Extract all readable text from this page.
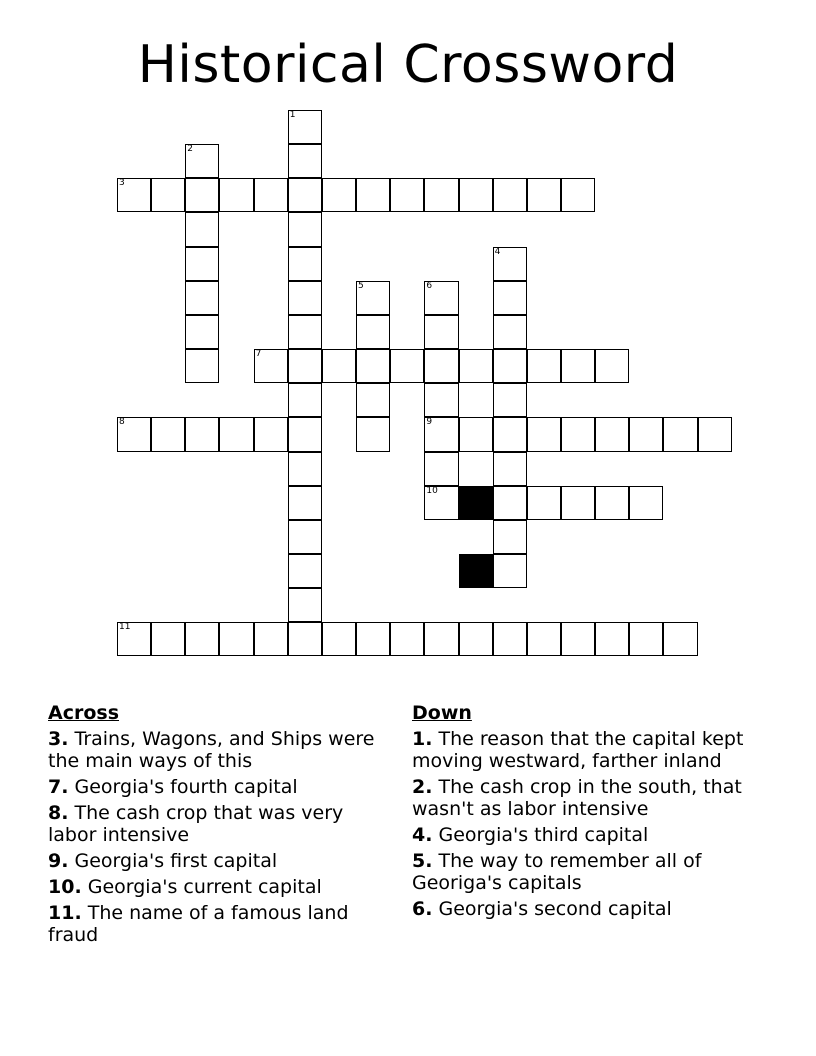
Historical Crossword
3
7
8	9
10
11
1
2
4
5	6
Across
3. Trains, Wagons, and Ships were the main ways of this
7. Georgia's fourth capital
8. The cash crop that was very labor intensive
9. Georgia's first capital
10. Georgia's current capital
11. The name of a famous land fraud
Down
1. The reason that the capital kept moving westward, farther inland
2. The cash crop in the south, that wasn't as labor intensive
4. Georgia's third capital
5. The way to remember all of Georiga's capitals
6. Georgia's second capital
